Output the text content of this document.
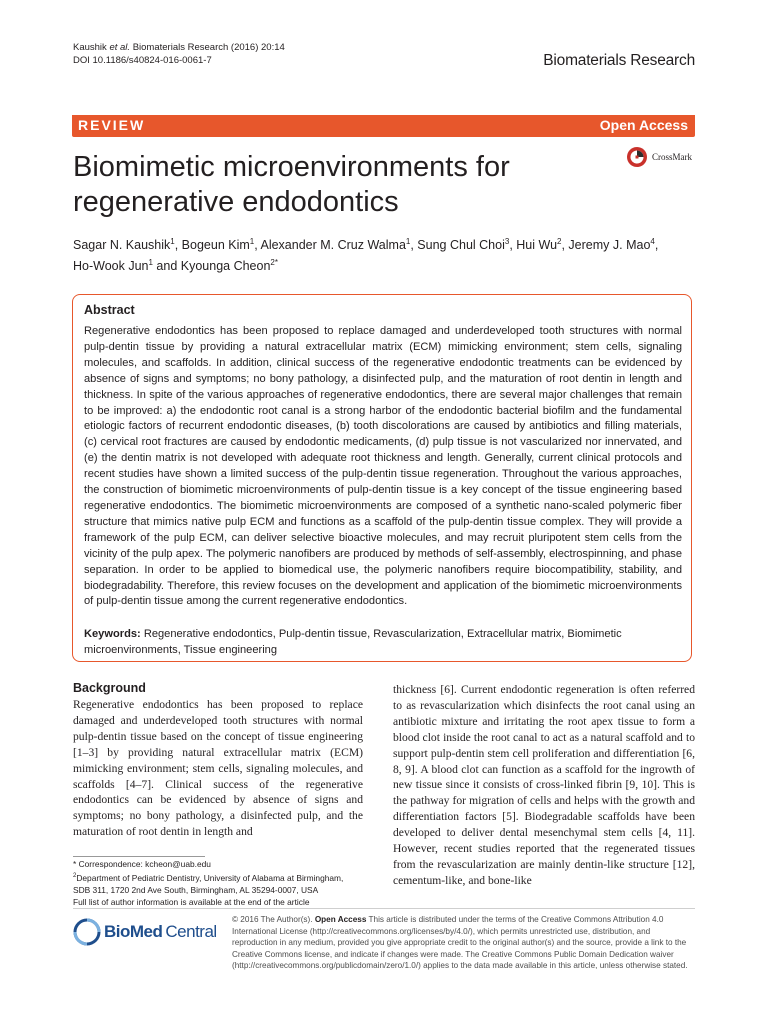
Kaushik et al. Biomaterials Research (2016) 20:14
DOI 10.1186/s40824-016-0061-7	Biomaterials Research
REVIEW	Open Access
Biomimetic microenvironments for regenerative endodontics
CrossMark
Sagar N. Kaushik$^1$, Bogeun Kim$^1$, Alexander M. Cruz Walma$^1$, Sung Chul Choi$^3$, Hui Wu$^2$, Jeremy J. Mao$^4$,
Ho-Wook Jun$^1$ and Kyounga Cheon$^{2*}$
Abstract
Regenerative endodontics has been proposed to replace damaged and underdeveloped tooth structures with normal pulp-dentin tissue by providing a natural extracellular matrix (ECM) mimicking environment; stem cells, signaling molecules, and scaffolds. In addition, clinical success of the regenerative endodontic treatments can be evidenced by absence of signs and symptoms; no bony pathology, a disinfected pulp, and the maturation of root dentin in length and thickness. In spite of the various approaches of regenerative endodontics, there are several major challenges that remain to be improved: a) the endodontic root canal is a strong harbor of the endodontic bacterial biofilm and the fundamental etiologic factors of recurrent endodontic diseases, (b) tooth discolorations are caused by antibiotics and filling materials, (c) cervical root fractures are caused by endodontic medicaments, (d) pulp tissue is not vascularized nor innervated, and (e) the dentin matrix is not developed with adequate root thickness and length. Generally, current clinical protocols and recent studies have shown a limited success of the pulp-dentin tissue regeneration. Throughout the various approaches, the construction of biomimetic microenvironments of pulp-dentin tissue is a key concept of the tissue engineering based regenerative endodontics. The biomimetic microenvironments are composed of a synthetic nano-scaled polymeric fiber structure that mimics native pulp ECM and functions as a scaffold of the pulp-dentin tissue complex. They will provide a framework of the pulp ECM, can deliver selective bioactive molecules, and may recruit pluripotent stem cells from the vicinity of the pulp apex. The polymeric nanofibers are produced by methods of self-assembly, electrospinning, and phase separation. In order to be applied to biomedical use, the polymeric nanofibers require biocompatibility, stability, and biodegradability. Therefore, this review focuses on the development and application of the biomimetic microenvironments of pulp-dentin tissue among the current regenerative endodontics.
Keywords: Regenerative endodontics, Pulp-dentin tissue, Revascularization, Extracellular matrix, Biomimetic microenvironments, Tissue engineering
Background
Regenerative endodontics has been proposed to replace damaged and underdeveloped tooth structures with normal pulp-dentin tissue based on the concept of tissue engineering [1–3] by providing natural extracellular matrix (ECM) mimicking environment; stem cells, signaling molecules, and scaffolds [4–7]. Clinical success of the regenerative endodontics can be evidenced by absence of signs and symptoms; no bony pathology, a disinfected pulp, and the maturation of root dentin in length and
thickness [6]. Current endodontic regeneration is often referred to as revascularization which disinfects the root canal using an antibiotic mixture and irritating the root apex tissue to form a blood clot inside the root canal to act as a natural scaffold and to support pulp-dentin stem cell proliferation and differentiation [6, 8, 9]. A blood clot can function as a scaffold for the ingrowth of new tissue since it consists of cross-linked fibrin [9, 10]. This is the pathway for migration of cells and helps with the growth and differentiation factors [5]. Biodegradable scaffolds have been developed to deliver dental mesenchymal stem cells [4, 11]. However, recent studies reported that the regenerated tissues from the revascularization are mainly dentin-like structure [12], cementum-like, and bone-like
* Correspondence: kcheon@uab.edu
$^2$Department of Pediatric Dentistry, University of Alabama at Birmingham,
SDB 311, 1720 2nd Ave South, Birmingham, AL 35294-0007, USA
Full list of author information is available at the end of the article
BioMed Central
© 2016 The Author(s). Open Access This article is distributed under the terms of the Creative Commons Attribution 4.0 International License (http://creativecommons.org/licenses/by/4.0/), which permits unrestricted use, distribution, and reproduction in any medium, provided you give appropriate credit to the original author(s) and the source, provide a link to the Creative Commons license, and indicate if changes were made. The Creative Commons Public Domain Dedication waiver (http://creativecommons.org/publicdomain/zero/1.0/) applies to the data made available in this article, unless otherwise stated.
